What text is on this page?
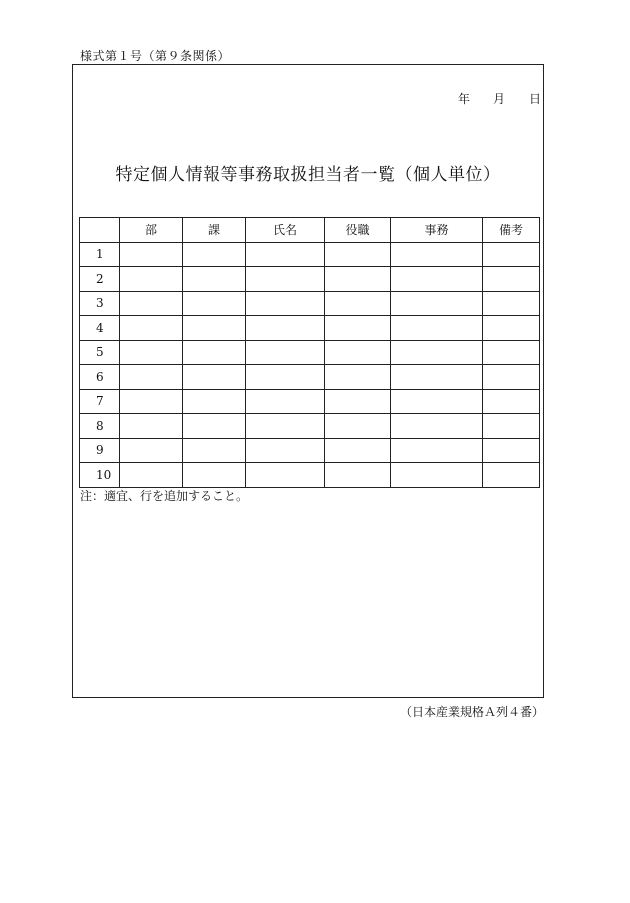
様式第１号（第９条関係）
年 月 日
特定個人情報等事務取扱担当者一覧（個人単位）
	部	課	氏名	役職	事務	備考
1						
2						
3						
4						
5						
6						
7						
8						
9						
10						
注：適宜、行を追加すること。
（日本産業規格Ａ列４番）
